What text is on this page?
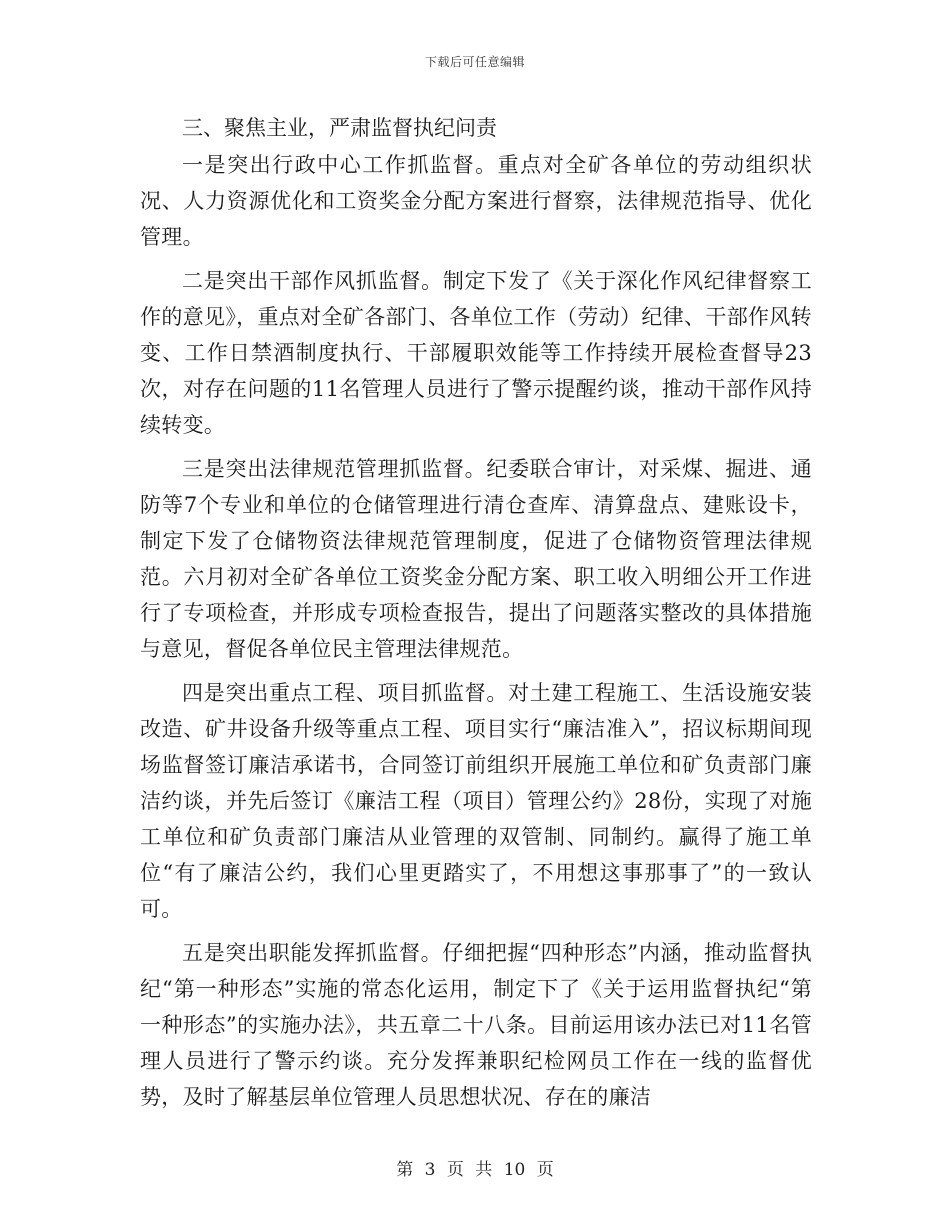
下载后可任意编辑

三、聚焦主业，严肃监督执纪问责

一是突出行政中心工作抓监督。重点对全矿各单位的劳动组织状况、人力资源优化和工资奖金分配方案进行督察，法律规范指导、优化管理。

二是突出干部作风抓监督。制定下发了《关于深化作风纪律督察工作的意见》，重点对全矿各部门、各单位工作（劳动）纪律、干部作风转变、工作日禁酒制度执行、干部履职效能等工作持续开展检查督导23次，对存在问题的11名管理人员进行了警示提醒约谈，推动干部作风持续转变。

三是突出法律规范管理抓监督。纪委联合审计，对采煤、掘进、通防等7个专业和单位的仓储管理进行清仓查库、清算盘点、建账设卡，制定下发了仓储物资法律规范管理制度，促进了仓储物资管理法律规范。六月初对全矿各单位工资奖金分配方案、职工收入明细公开工作进行了专项检查，并形成专项检查报告，提出了问题落实整改的具体措施与意见，督促各单位民主管理法律规范。

四是突出重点工程、项目抓监督。对土建工程施工、生活设施安装改造、矿井设备升级等重点工程、项目实行“廉洁准入”，招议标期间现场监督签订廉洁承诺书，合同签订前组织开展施工单位和矿负责部门廉洁约谈，并先后签订《廉洁工程（项目）管理公约》28份，实现了对施工单位和矿负责部门廉洁从业管理的双管制、同制约。赢得了施工单位“有了廉洁公约，我们心里更踏实了，不用想这事那事了”的一致认可。

五是突出职能发挥抓监督。仔细把握“四种形态”内涵，推动监督执纪“第一种形态”实施的常态化运用，制定下了《关于运用监督执纪“第一种形态”的实施办法》，共五章二十八条。目前运用该办法已对11名管理人员进行了警示约谈。充分发挥兼职纪检网员工作在一线的监督优势，及时了解基层单位管理人员思想状况、存在的廉洁

第 3 页 共 10 页
